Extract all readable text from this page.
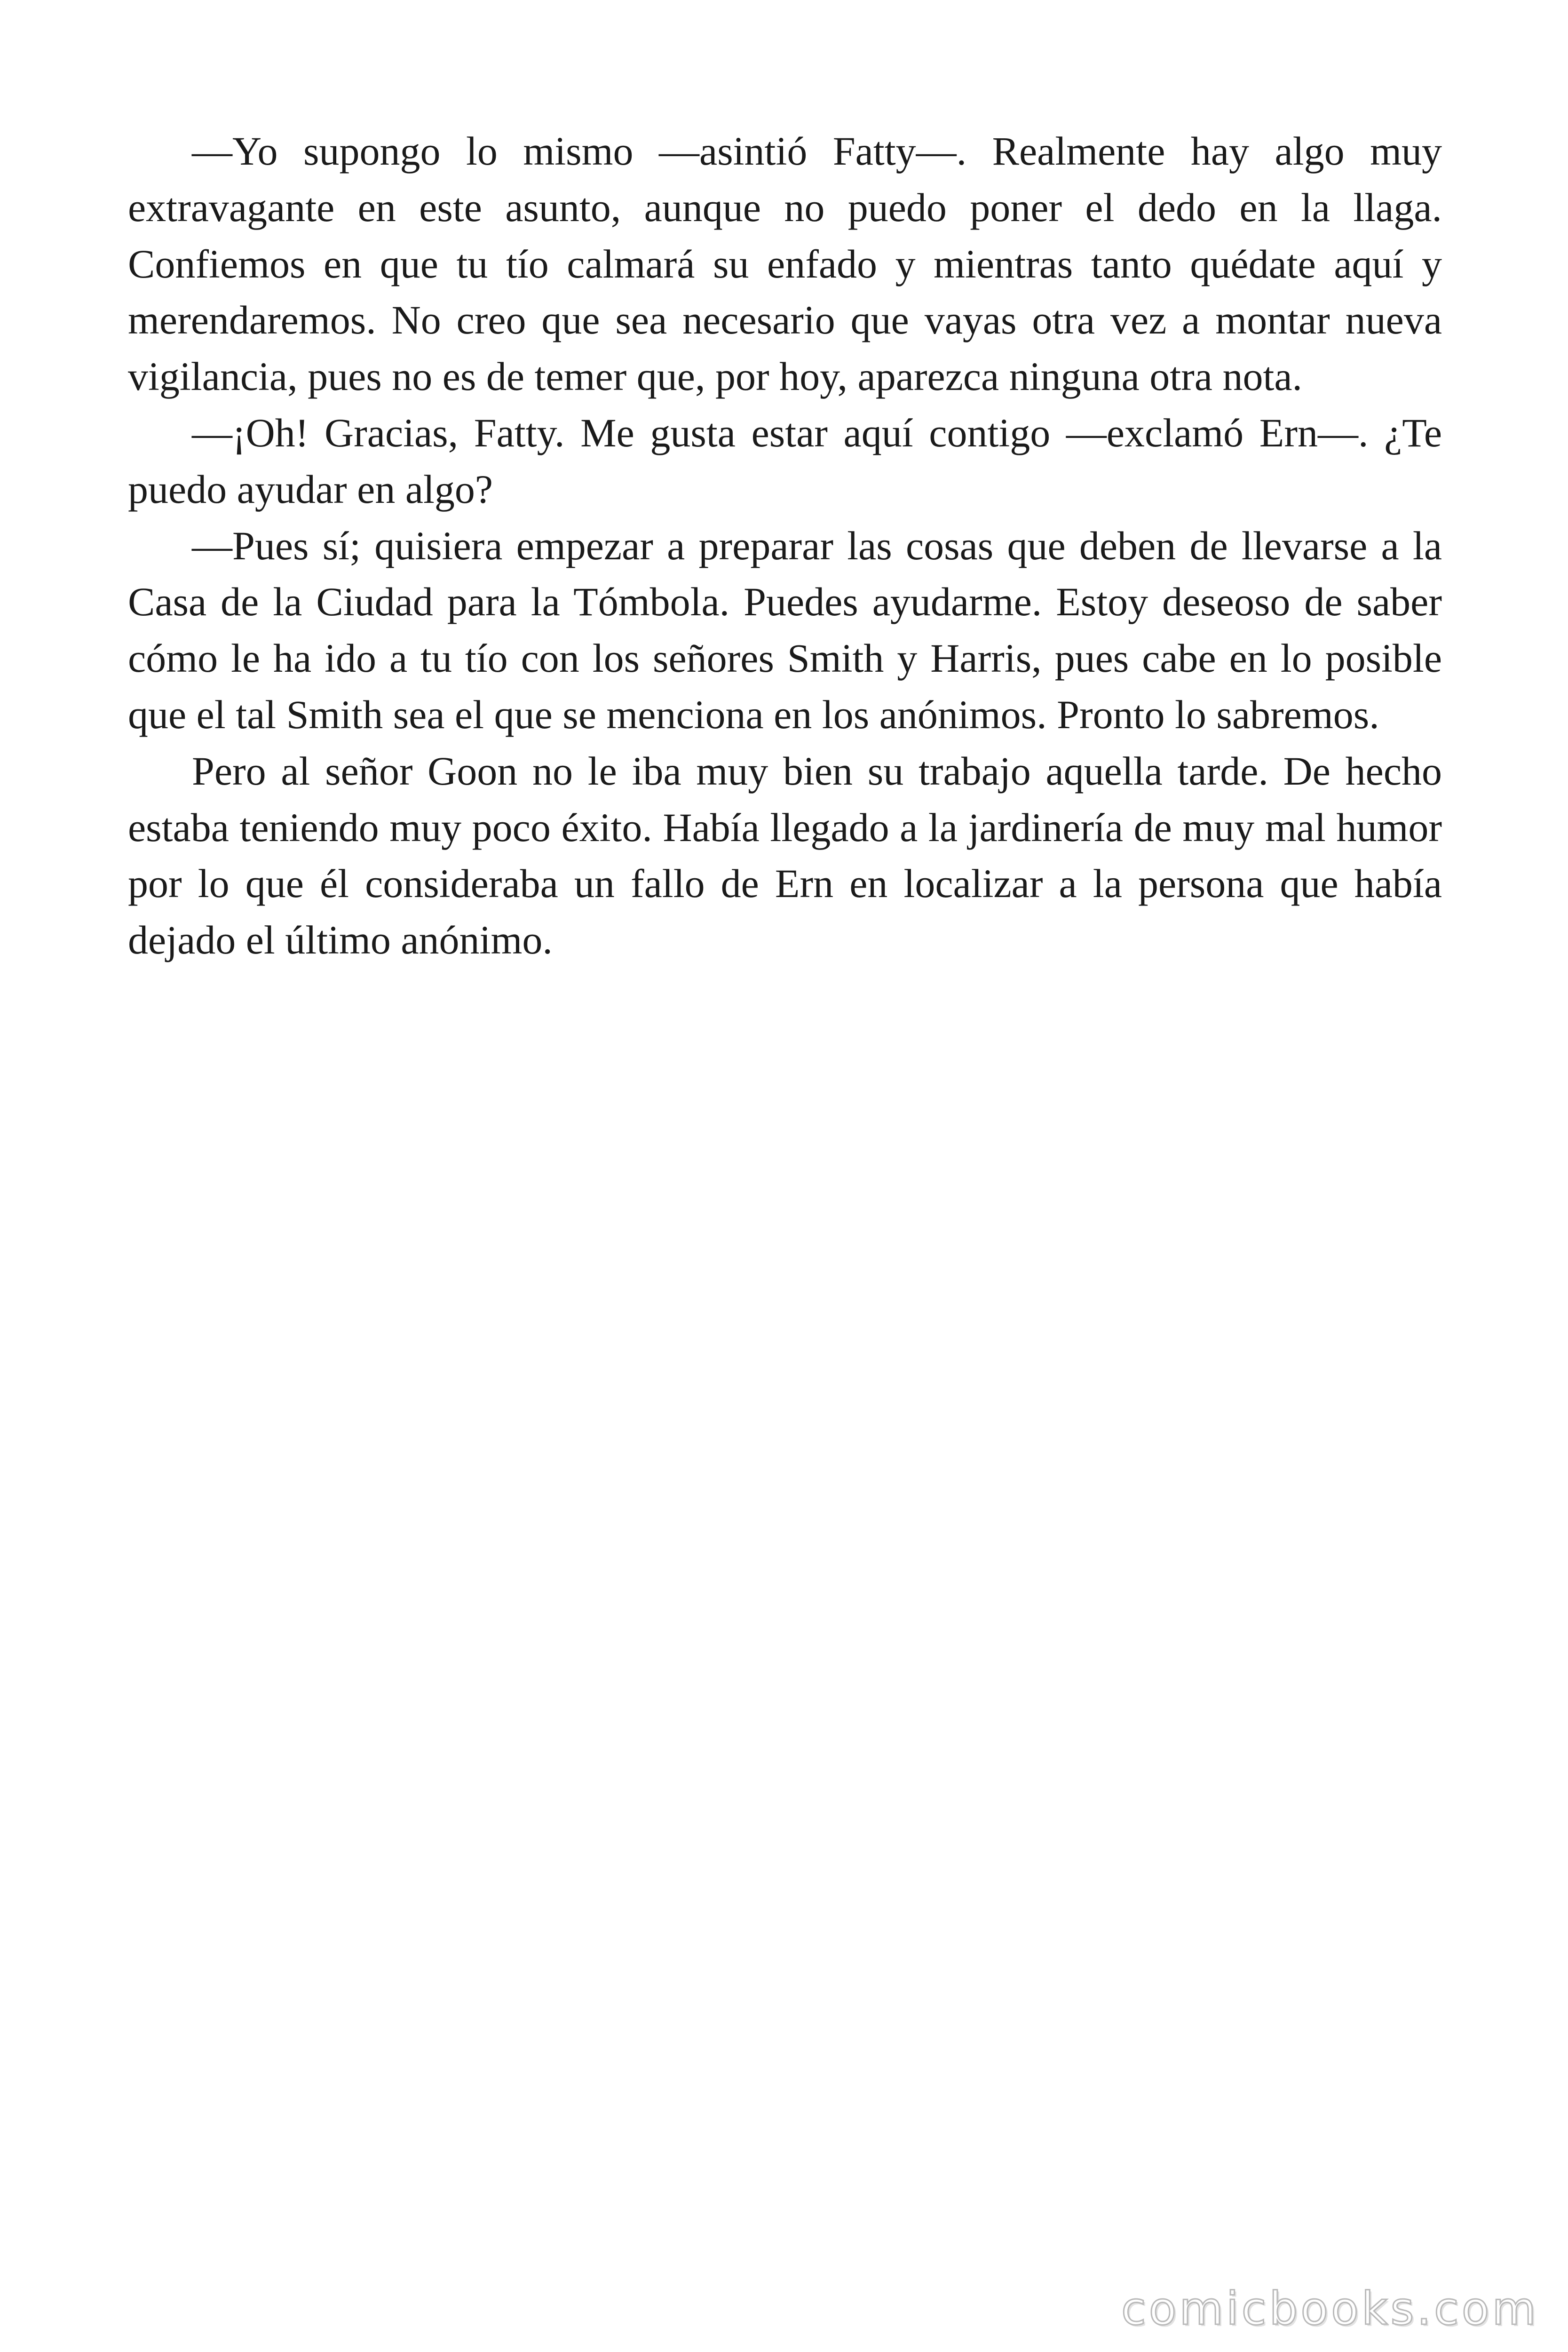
—Yo supongo lo mismo —asintió Fatty—. Realmente hay algo muy extravagante en este asunto, aunque no puedo poner el dedo en la llaga. Confiemos en que tu tío calmará su enfado y mientras tanto quédate aquí y merendaremos. No creo que sea necesario que vayas otra vez a montar nueva vigilancia, pues no es de temer que, por hoy, aparezca ninguna otra nota.

—¡Oh! Gracias, Fatty. Me gusta estar aquí contigo —exclamó Ern—. ¿Te puedo ayudar en algo?

—Pues sí; quisiera empezar a preparar las cosas que deben de llevarse a la Casa de la Ciudad para la Tómbola. Puedes ayudarme. Estoy deseoso de saber cómo le ha ido a tu tío con los señores Smith y Harris, pues cabe en lo posible que el tal Smith sea el que se menciona en los anónimos. Pronto lo sabremos.

Pero al señor Goon no le iba muy bien su trabajo aquella tarde. De hecho estaba teniendo muy poco éxito. Había llegado a la jardinería de muy mal humor por lo que él consideraba un fallo de Ern en localizar a la persona que había dejado el último anónimo.

comicbooks.com
